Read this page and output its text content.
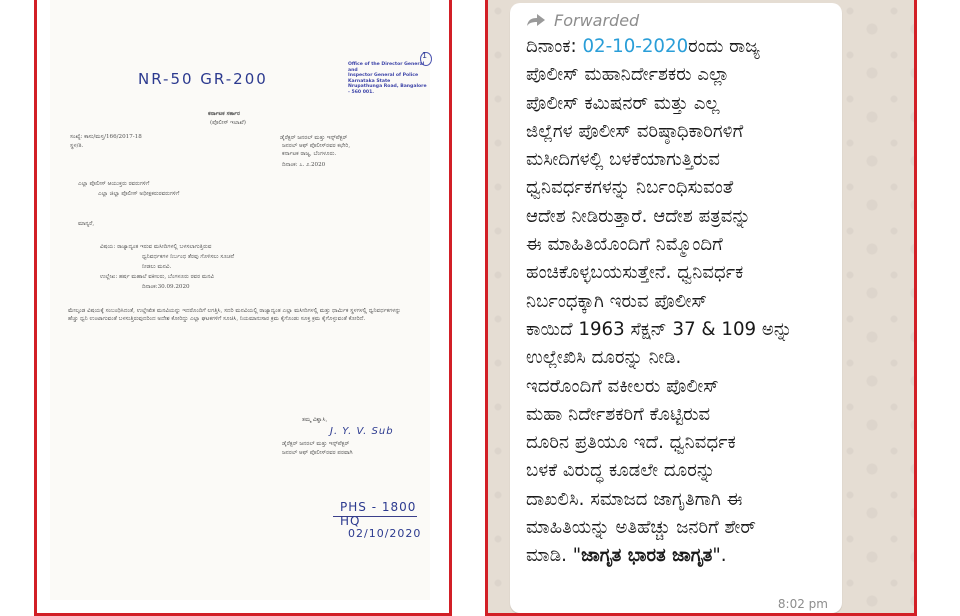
NR-50 GR-200
1
Office of the Director General and
Inspector General of Police
Karnataka State
Nrupathunga Road, Bangalore - 560 001.
ಕರ್ನಾಟಕ ಸರ್ಕಾರ
(ಪೊಲೀಸ್ ಇಲಾಖೆ)
ಸಂಖ್ಯೆ: ಕಾಸು/ಮಸ್ತ/166/2017-18
ಸ್ಥಳ/ತಿ.
ಡೈರೆಕ್ಟರ್ ಜನರಲ್ ಮತ್ತು ಇನ್ಸ್‌ಪೆಕ್ಟರ್
ಜನರಲ್ ಆಫ್ ಪೊಲೀಸ್‌ರವರ ಕಛೇರಿ,
ಕರ್ನಾಟಕ ರಾಜ್ಯ, ಬೆಂಗಳೂರು.
ದಿನಾಂಕ: ೭. ೨.2020
ಎಲ್ಲಾ ಪೊಲೀಸ್ ಆಯುಕ್ತರು ರವರುಗಳಿಗೆ
ಎಲ್ಲಾ ಜಿಲ್ಲಾ ಪೊಲೀಸ್ ಅಧೀಕ್ಷಕರುರವರುಗಳಿಗೆ
ಮಾನ್ಯರೆ,
ವಿಷಯ: ರಾಜ್ಯಾದ್ಯಂತ ಇರುವ ಮಸೀದಿಗಳಲ್ಲಿ ಬಳಸಲಾಗುತ್ತಿರುವ
ಧ್ವನಿವರ್ಧಕಗಳ ನಿರ್ಬಂಧ ತೆರವು ಗೊಳಿಸಲು ಸೂಚನೆ
ನೀಡಲು ಮನವಿ.
ಉಲ್ಲೇಖ: ಹರ್ಷ ಮಹಾಲೆ ವಕೀಲರು, ಬೆಂಗಳೂರು ರವರ ಮನವಿ
ದಿನಾಂಕ:30.09.2020
ಮೇಲ್ಕಂಡ ವಿಷಯಕ್ಕೆ ಸಂಬಂಧಿಸಿದಂತೆ, ಉಲ್ಲೇಖಿತ ಮನವಿಯನ್ನು ಇದರೊಂದಿಗೆ ಲಗತ್ತಿಸಿ, ಸದರಿ ಮನವಿಯಲ್ಲಿ ರಾಜ್ಯಾದ್ಯಂತ ಎಲ್ಲಾ ಮಸೀದಿಗಳಲ್ಲಿ ಮತ್ತು ಧಾರ್ಮಿಕ ಸ್ಥಳಗಳಲ್ಲಿ ಧ್ವನಿವರ್ಧಕಗಳನ್ನು ಹೆಚ್ಚು ಧ್ವನಿ ಉಂಟಾಗುವಂತೆ ಬಳಸುತ್ತಿರುವುದರಿಂದ ಅದೇಶ ಕೋರಿದ್ದು ಎಲ್ಲಾ ಘಟಕಗಳಿಗೆ ಸೂಚಿಸಿ, ನಿಯಮಾನುಸಾರ ಕ್ರಮ ಕೈಗೊಂಡು ಸೂಕ್ತ ಕ್ರಮ ಕೈಗೊಳ್ಳುವಂತೆ ಕೋರಿದೆ.
ತಮ್ಮ ವಿಶ್ವಾಸಿ,
J. Y. V. Sub
ಡೈರೆಕ್ಟರ್ ಜನರಲ್ ಮತ್ತು ಇನ್ಸ್‌ಪೆಕ್ಟರ್
ಜನರಲ್ ಆಫ್ ಪೊಲೀಸ್‌ರವರ ಪರವಾಗಿ
PHS - 1800 HQ
02/10/2020
Forwarded
ದಿನಾಂಕ: 02-10-2020ರಂದು ರಾಜ್ಯ
ಪೊಲೀಸ್ ಮಹಾನಿರ್ದೇಶಕರು ಎಲ್ಲಾ
ಪೊಲೀಸ್ ಕಮಿಷನರ್ ಮತ್ತು ಎಲ್ಲ
ಜಿಲ್ಲೆಗಳ ಪೊಲೀಸ್ ವರಿಷ್ಠಾಧಿಕಾರಿಗಳಿಗೆ
ಮಸೀದಿಗಳಲ್ಲಿ ಬಳಕೆಯಾಗುತ್ತಿರುವ
ಧ್ವನಿವರ್ಧಕಗಳನ್ನು ನಿರ್ಬಂಧಿಸುವಂತೆ
ಆದೇಶ ನೀಡಿರುತ್ತಾರೆ. ಆದೇಶ ಪತ್ರವನ್ನು
ಈ ಮಾಹಿತಿಯೊಂದಿಗೆ ನಿಮ್ಮೊಂದಿಗೆ
ಹಂಚಿಕೊಳ್ಳಬಯಸುತ್ತೇನೆ. ಧ್ವನಿವರ್ಧಕ
ನಿರ್ಬಂಧಕ್ಕಾಗಿ ಇರುವ ಪೊಲೀಸ್
ಕಾಯಿದೆ 1963 ಸೆಕ್ಷನ್ 37 & 109 ಅನ್ನು
ಉಲ್ಲೇಖಿಸಿ ದೂರನ್ನು ನೀಡಿ.
ಇದರೊಂದಿಗೆ ವಕೀಲರು ಪೊಲೀಸ್
ಮಹಾ ನಿರ್ದೇಶಕರಿಗೆ ಕೊಟ್ಟಿರುವ
ದೂರಿನ ಪ್ರತಿಯೂ ಇದೆ. ಧ್ವನಿವರ್ಧಕ
ಬಳಕೆ ವಿರುದ್ಧ ಕೂಡಲೇ ದೂರನ್ನು
ದಾಖಲಿಸಿ. ಸಮಾಜದ ಜಾಗೃತಿಗಾಗಿ ಈ
ಮಾಹಿತಿಯನ್ನು ಅತಿಹೆಚ್ಚು ಜನರಿಗೆ ಶೇರ್
ಮಾಡಿ. "ಜಾಗೃತ ಭಾರತ ಜಾಗೃತ".
8:02 pm
